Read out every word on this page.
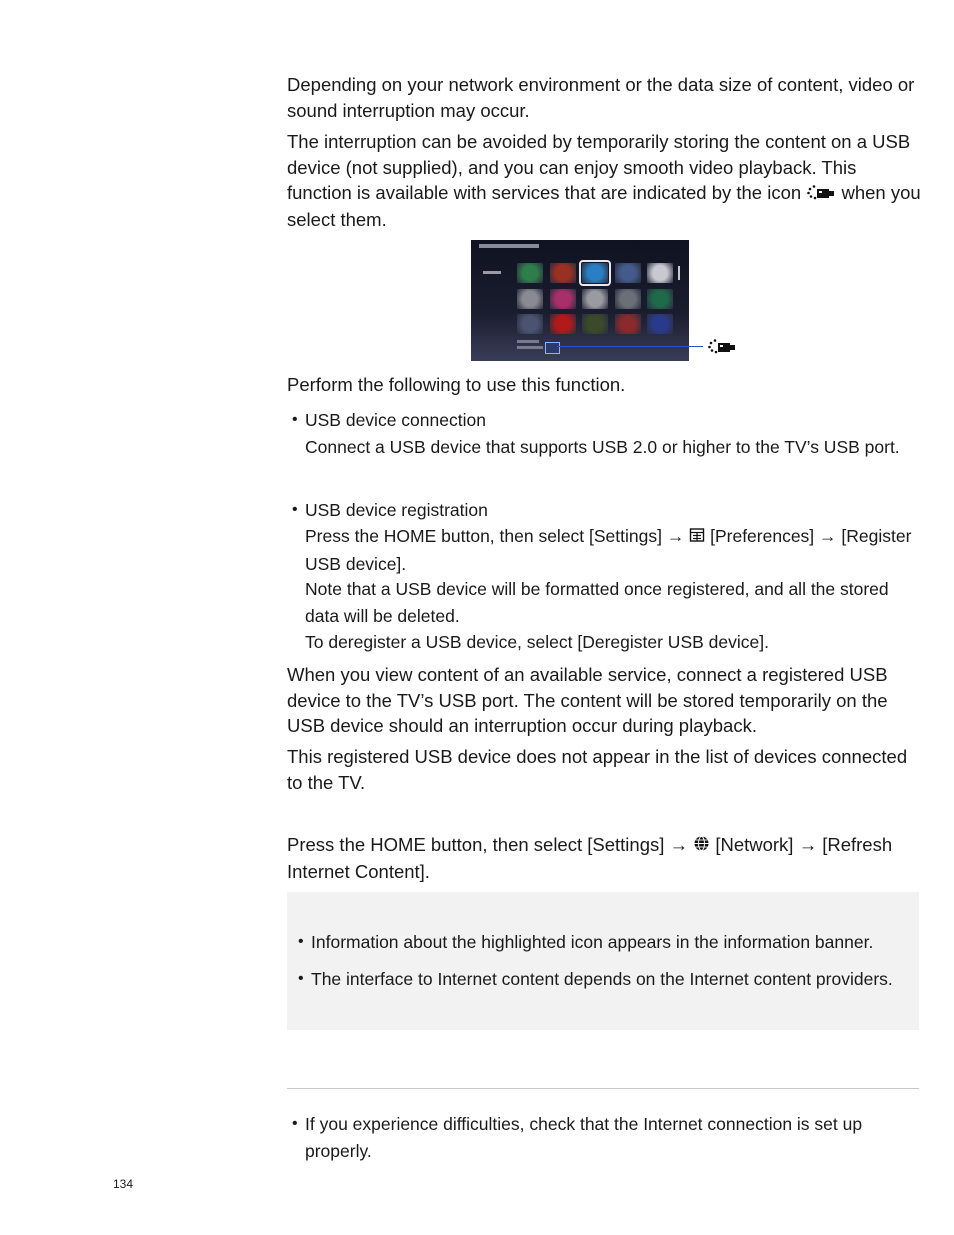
Depending on your network environment or the data size of content, video or sound interruption may occur.

The interruption can be avoided by temporarily storing the content on a USB device (not supplied), and you can enjoy smooth video playback. This function is available with services that are indicated by the icon when you select them.

Perform the following to use this function.

• USB device connection

Connect a USB device that supports USB 2.0 or higher to the TV’s USB port.

• USB device registration

Press the HOME button, then select [Settings] → [Preferences] → [Register USB device].

Note that a USB device will be formatted once registered, and all the stored data will be deleted.

To deregister a USB device, select [Deregister USB device].

When you view content of an available service, connect a registered USB device to the TV’s USB port. The content will be stored temporarily on the USB device should an interruption occur during playback.

This registered USB device does not appear in the list of devices connected to the TV.

Press the HOME button, then select [Settings] → [Network] → [Refresh Internet Content].

• Information about the highlighted icon appears in the information banner.

• The interface to Internet content depends on the Internet content providers.

• If you experience difficulties, check that the Internet connection is set up properly.

134
